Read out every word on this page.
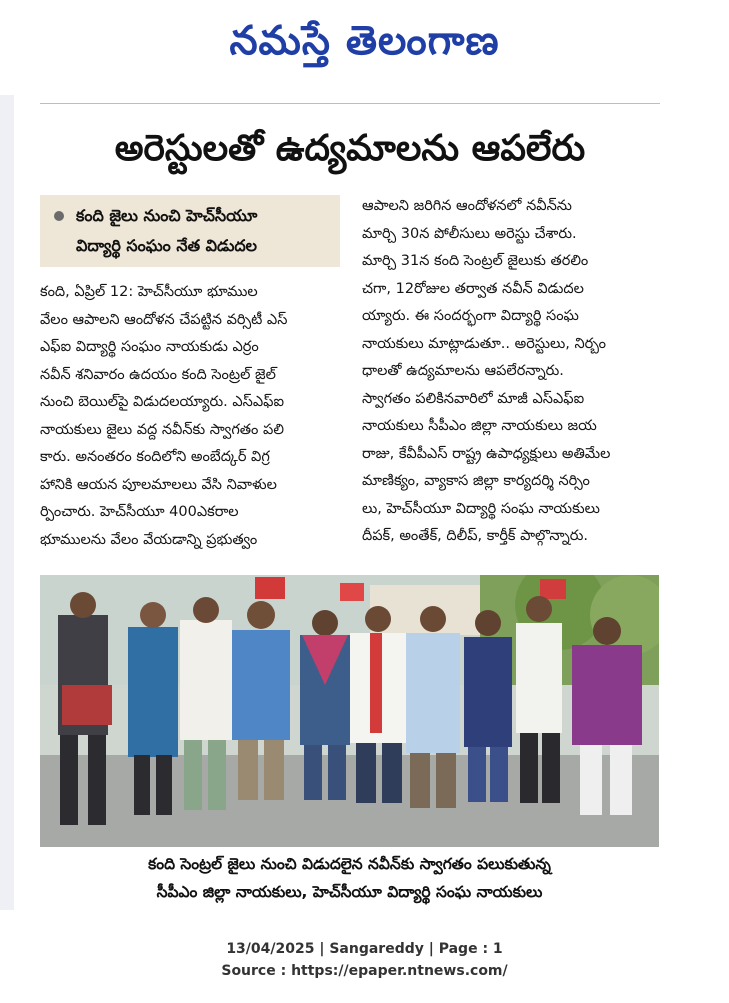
నమస్తే తెలంగాణ
అరెస్టులతో ఉద్యమాలను ఆపలేరు
కంది జైలు నుంచి హెచ్‌సీయూ
విద్యార్థి సంఘం నేత విడుదల
కంది, ఏప్రిల్ 12: హెచ్‌సీయూ భూముల
వేలం ఆపాలని ఆందోళన చేపట్టిన వర్సిటీ ఎస్
ఎఫ్ఐ విద్యార్థి సంఘం నాయకుడు ఎర్రం
నవీన్ శనివారం ఉదయం కంది సెంట్రల్ జైల్
నుంచి బెయిల్‌పై విడుదలయ్యారు. ఎస్‌ఎఫ్ఐ
నాయకులు జైలు వద్ద నవీన్‌కు స్వాగతం పలి
కారు. అనంతరం కందిలోని అంబేద్కర్ విగ్ర
హానికి ఆయన పూలమాలలు వేసి నివాళుల
ర్పించారు. హెచ్‌సీయూ 400ఎకరాల
భూములను వేలం వేయడాన్ని ప్రభుత్వం
ఆపాలని జరిగిన ఆందోళనలో నవీన్‌ను
మార్చి 30న పోలీసులు అరెస్టు చేశారు.
మార్చి 31న కంది సెంట్రల్ జైలుకు తరలిం
చగా, 12రోజుల తర్వాత నవీన్ విడుదల
య్యారు. ఈ సందర్భంగా విద్యార్థి సంఘ
నాయకులు మాట్లాడుతూ.. అరెస్టులు, నిర్బం
ధాలతో ఉద్యమాలను ఆపలేరన్నారు.
స్వాగతం పలికినవారిలో మాజీ ఎస్‌ఎఫ్ఐ
నాయకులు సీపీఎం జిల్లా నాయకులు జయ
రాజు, కేవీపీఎస్ రాష్ట్ర ఉపాధ్యక్షులు అతిమేల
మాణిక్యం, వ్యాకాస జిల్లా కార్యదర్శి నర్సిం
లు, హెచ్‌సీయూ విద్యార్థి సంఘ నాయకులు
దీపక్, అంతేక్, దిలీప్, కార్తీక్ పాల్గొన్నారు.
కంది సెంట్రల్ జైలు నుంచి విడుదలైన నవీన్‌కు స్వాగతం పలుకుతున్న
సీపీఎం జిల్లా నాయకులు, హెచ్‌సీయూ విద్యార్థి సంఘ నాయకులు
13/04/2025 | Sangareddy | Page : 1
Source : https://epaper.ntnews.com/
